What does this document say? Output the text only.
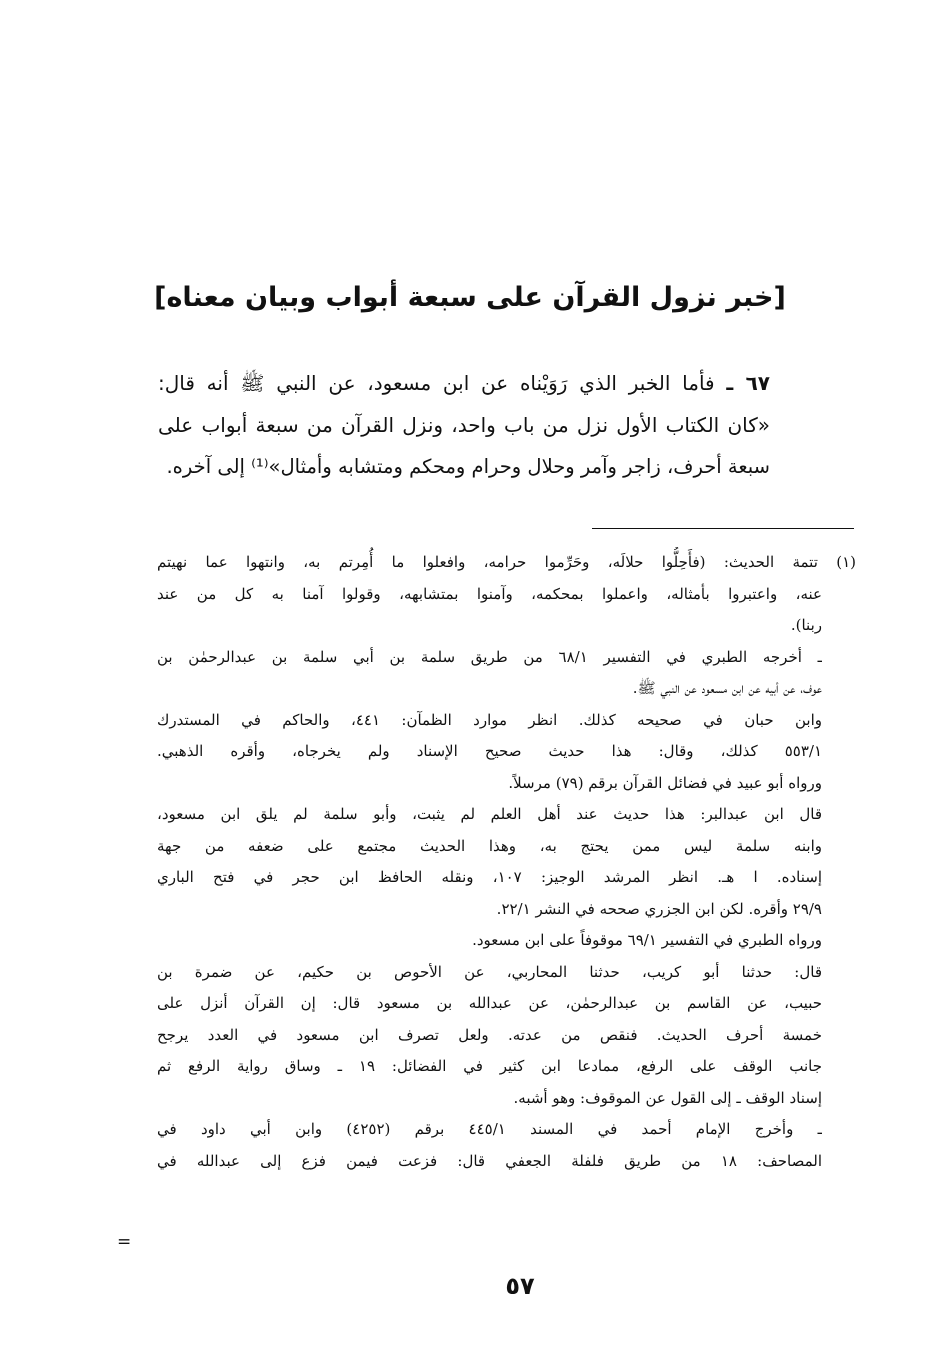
[خبر نزول القرآن على سبعة أبواب وبيان معناه]
٦٧ ـ فأما الخبر الذي رَوَيْناه عن ابن مسعود، عن النبي ﷺ أنه قال:
«كان الكتاب الأول نزل من باب واحد، ونزل القرآن من سبعة أبواب على
سبعة أحرف، زاجر وآمر وحلال وحرام ومحكم ومتشابه وأمثال»⁽¹⁾ إلى آخره.
(١) تتمة الحديث: (فأَحِلُّوا حلالَه، وحَرِّموا حرامه، وافعلوا ما أُمِرتم به، وانتهوا عما نهيتم
عنه، واعتبروا بأمثاله، واعملوا بمحكمه، وآمنوا بمتشابهه، وقولوا آمنا به كل من عند
ربنا).
ـ أخرجه الطبري في التفسير ٦٨/١ من طريق سلمة بن أبي سلمة بن عبدالرحمٰن بن
عوف، عن أبيه عن ابن مسعود عن النبي ﷺ.
وابن حبان في صحيحه كذلك. انظر موارد الظمآن: ٤٤١، والحاكم في المستدرك
٥٥٣/١ كذلك، وقال: هذا حديث صحيح الإسناد ولم يخرجاه، وأقره الذهبي.
ورواه أبو عبيد في فضائل القرآن برقم (٧٩) مرسلاً.
قال ابن عبدالبر: هذا حديث عند أهل العلم لم يثبت، وأبو سلمة لم يلق ابن مسعود،
وابنه سلمة ليس ممن يحتج به، وهذا الحديث مجتمع على ضعفه من جهة
إسناده. ا هـ. انظر المرشد الوجيز: ١٠٧، ونقله الحافظ ابن حجر في فتح الباري
٢٩/٩ وأقره. لكن ابن الجزري صححه في النشر ٢٢/١.
ورواه الطبري في التفسير ٦٩/١ موقوفاً على ابن مسعود.
قال: حدثنا أبو كريب، حدثنا المحاربي، عن الأحوص بن حكيم، عن ضمرة بن
حبيب، عن القاسم بن عبدالرحمٰن، عن عبدالله بن مسعود قال: إن القرآن أنزل على
خمسة أحرف الحديث. فنقص من عدته. ولعل تصرف ابن مسعود في العدد يرجح
جانب الوقف على الرفع، ممادعا ابن كثير في الفضائل: ١٩ ـ وساق رواية الرفع ثم
إسناد الوقف ـ إلى القول عن الموقوف: وهو أشبه.
ـ وأخرج الإمام أحمد في المسند ٤٤٥/١ برقم (٤٢٥٢) وابن أبي داود في
المصاحف: ١٨ من طريق فلفلة الجعفي قال: فزعت فيمن فزع إلى عبدالله في
=
٥٧
